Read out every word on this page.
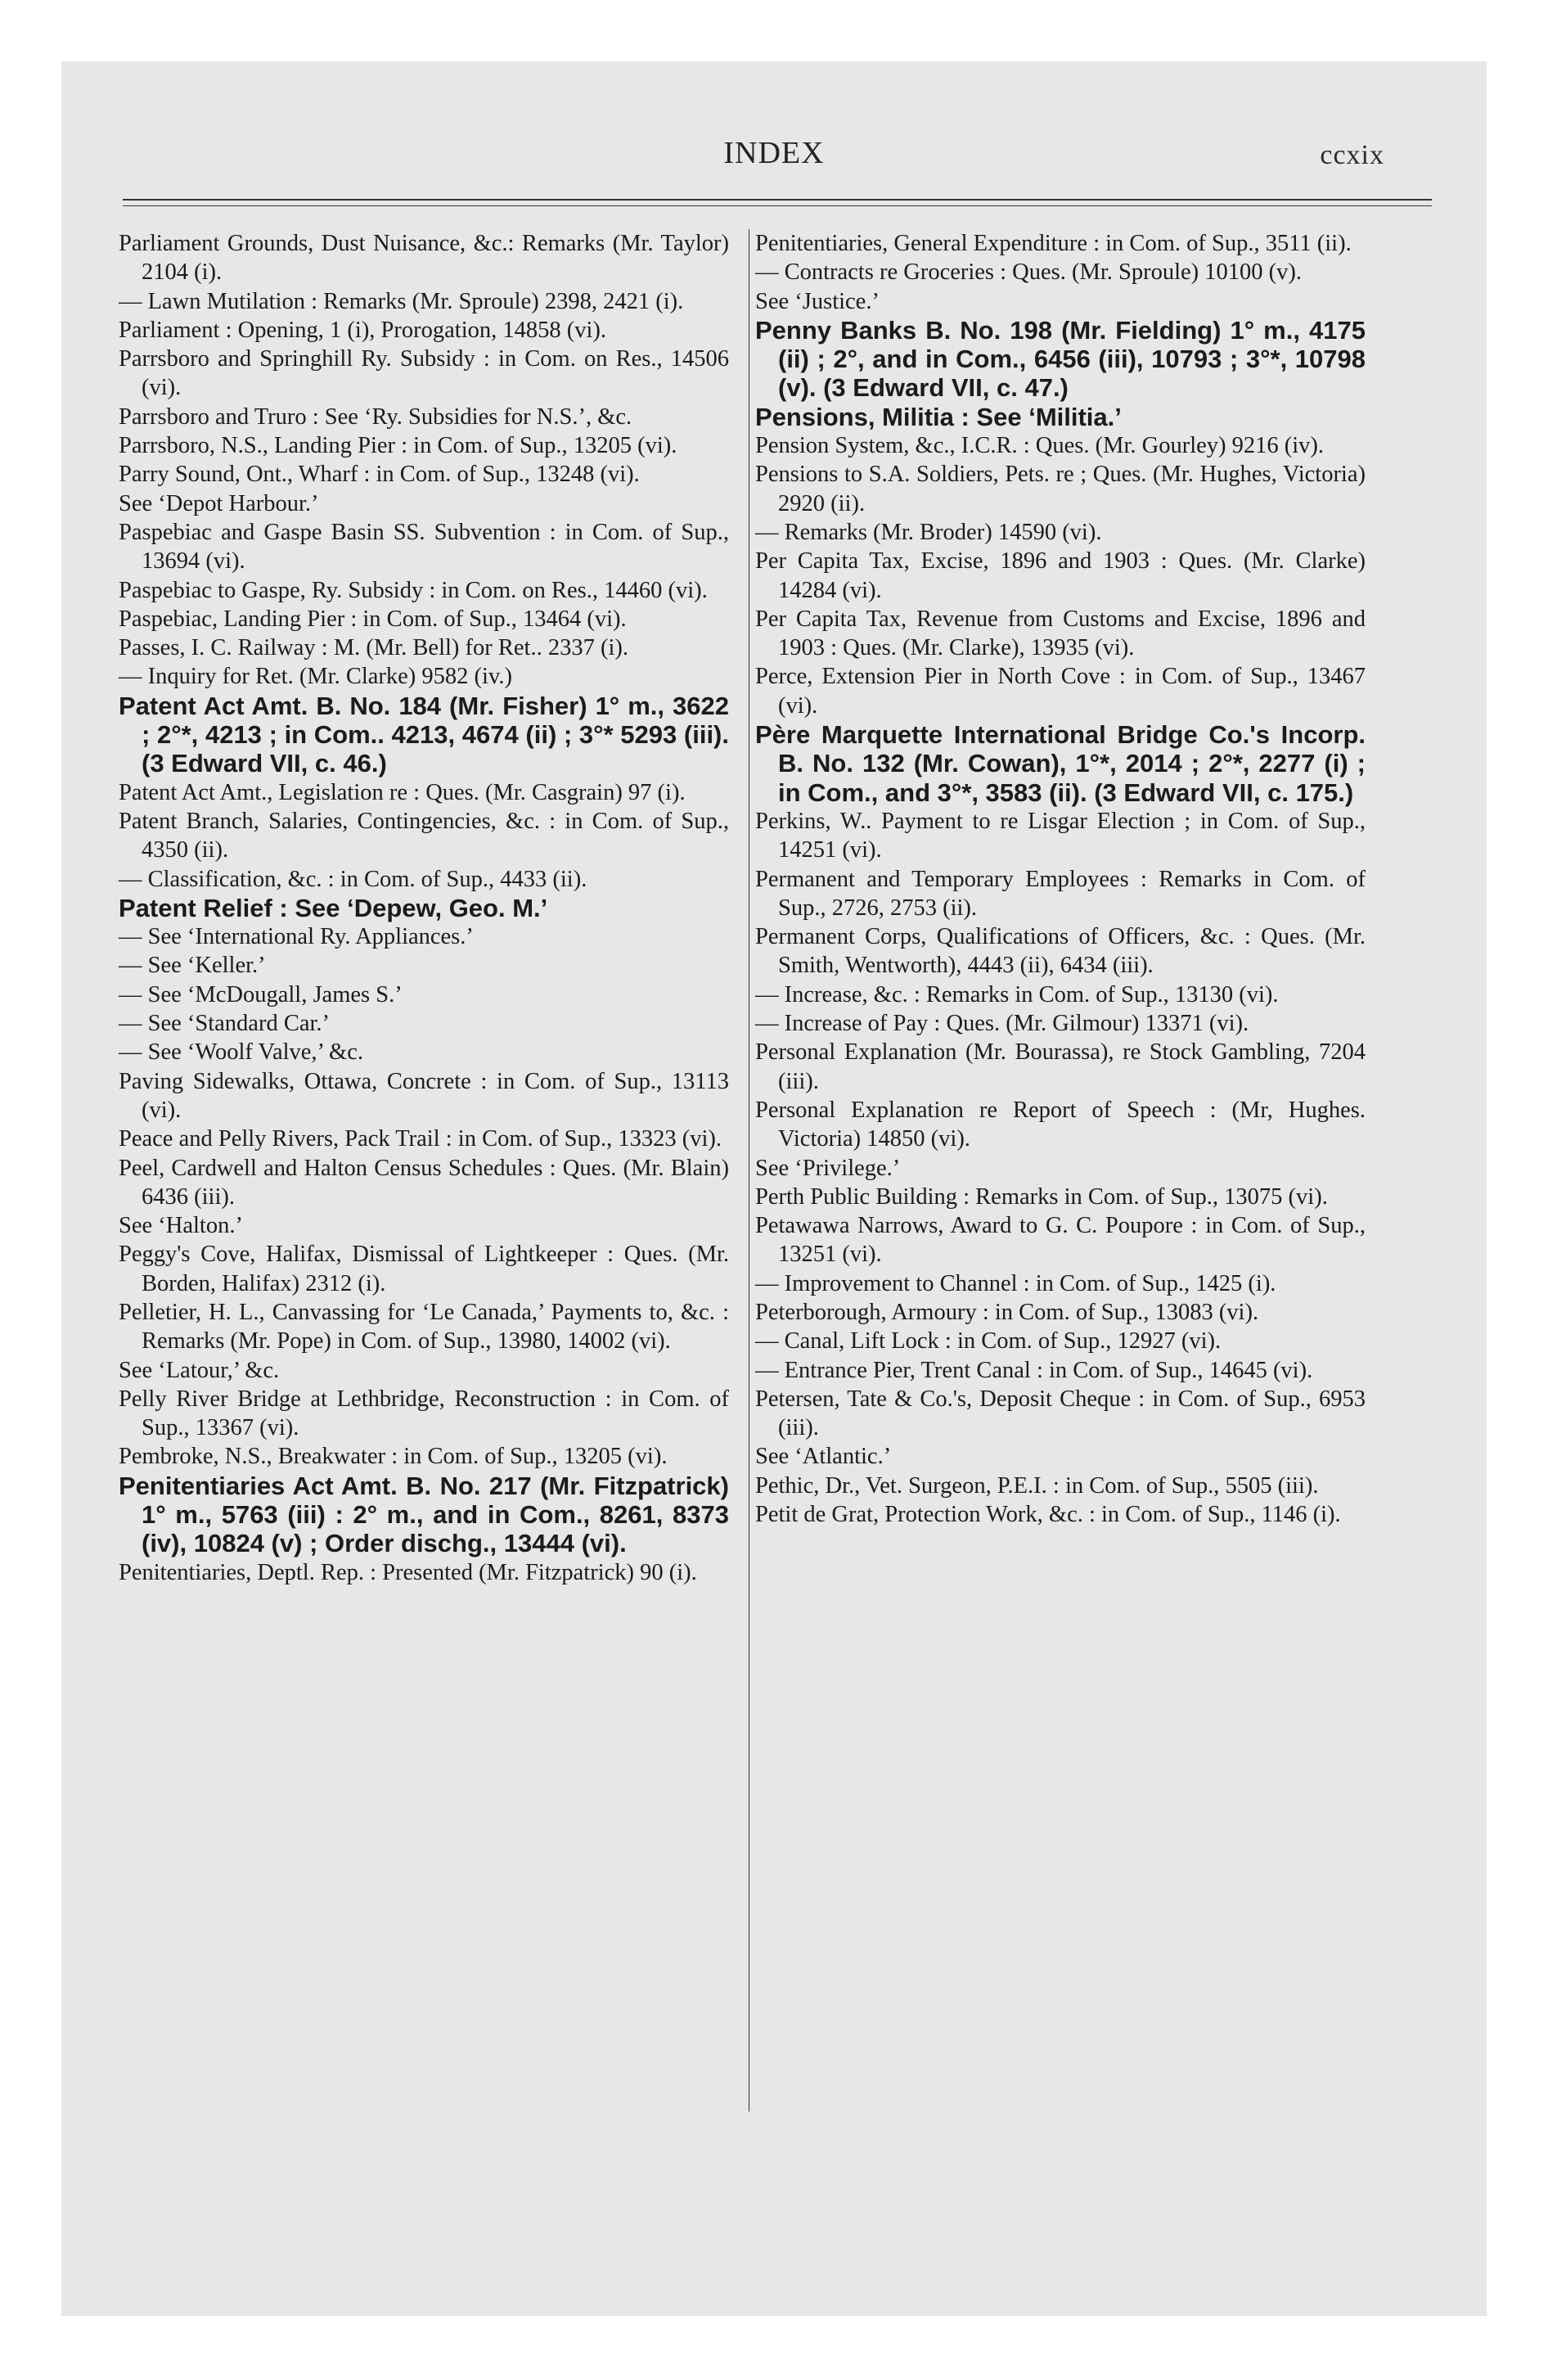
INDEX	ccxix

Parliament Grounds, Dust Nuisance, &c.: Remarks (Mr. Taylor) 2104 (i).

— Lawn Mutilation : Remarks (Mr. Sproule) 2398, 2421 (i).

Parliament : Opening, 1 (i), Prorogation, 14858 (vi).

Parrsboro and Springhill Ry. Subsidy : in Com. on Res., 14506 (vi).

Parrsboro and Truro : See ‘Ry. Subsidies for N.S.’, &c.

Parrsboro, N.S., Landing Pier : in Com. of Sup., 13205 (vi).

Parry Sound, Ont., Wharf : in Com. of Sup., 13248 (vi).

See ‘Depot Harbour.’

Paspebiac and Gaspe Basin SS. Subvention : in Com. of Sup., 13694 (vi).

Paspebiac to Gaspe, Ry. Subsidy : in Com. on Res., 14460 (vi).

Paspebiac, Landing Pier : in Com. of Sup., 13464 (vi).

Passes, I. C. Railway : M. (Mr. Bell) for Ret.. 2337 (i).

— Inquiry for Ret. (Mr. Clarke) 9582 (iv.)

Patent Act Amt. B. No. 184 (Mr. Fisher) 1° m., 3622 ; 2°*, 4213 ; in Com.. 4213, 4674 (ii) ; 3°* 5293 (iii). (3 Edward VII, c. 46.)

Patent Act Amt., Legislation re : Ques. (Mr. Casgrain) 97 (i).

Patent Branch, Salaries, Contingencies, &c. : in Com. of Sup., 4350 (ii).

— Classification, &c. : in Com. of Sup., 4433 (ii).

Patent Relief : See ‘Depew, Geo. M.’

— See ‘International Ry. Appliances.’

— See ‘Keller.’

— See ‘McDougall, James S.’

— See ‘Standard Car.’

— See ‘Woolf Valve,’ &c.

Paving Sidewalks, Ottawa, Concrete : in Com. of Sup., 13113 (vi).

Peace and Pelly Rivers, Pack Trail : in Com. of Sup., 13323 (vi).

Peel, Cardwell and Halton Census Schedules : Ques. (Mr. Blain) 6436 (iii).

See ‘Halton.’

Peggy's Cove, Halifax, Dismissal of Lightkeeper : Ques. (Mr. Borden, Halifax) 2312 (i).

Pelletier, H. L., Canvassing for ‘Le Canada,’ Payments to, &c. : Remarks (Mr. Pope) in Com. of Sup., 13980, 14002 (vi).

See ‘Latour,’ &c.

Pelly River Bridge at Lethbridge, Reconstruction : in Com. of Sup., 13367 (vi).

Pembroke, N.S., Breakwater : in Com. of Sup., 13205 (vi).

Penitentiaries Act Amt. B. No. 217 (Mr. Fitzpatrick) 1° m., 5763 (iii) : 2° m., and in Com., 8261, 8373 (iv), 10824 (v) ; Order dischg., 13444 (vi).

Penitentiaries, Deptl. Rep. : Presented (Mr. Fitzpatrick) 90 (i).

Penitentiaries, General Expenditure : in Com. of Sup., 3511 (ii).

— Contracts re Groceries : Ques. (Mr. Sproule) 10100 (v).

See ‘Justice.’

Penny Banks B. No. 198 (Mr. Fielding) 1° m., 4175 (ii) ; 2°, and in Com., 6456 (iii), 10793 ; 3°*, 10798 (v). (3 Edward VII, c. 47.)

Pensions, Militia : See ‘Militia.’

Pension System, &c., I.C.R. : Ques. (Mr. Gourley) 9216 (iv).

Pensions to S.A. Soldiers, Pets. re ; Ques. (Mr. Hughes, Victoria) 2920 (ii).

— Remarks (Mr. Broder) 14590 (vi).

Per Capita Tax, Excise, 1896 and 1903 : Ques. (Mr. Clarke) 14284 (vi).

Per Capita Tax, Revenue from Customs and Excise, 1896 and 1903 : Ques. (Mr. Clarke), 13935 (vi).

Perce, Extension Pier in North Cove : in Com. of Sup., 13467 (vi).

Père Marquette International Bridge Co.'s Incorp. B. No. 132 (Mr. Cowan), 1°*, 2014 ; 2°*, 2277 (i) ; in Com., and 3°*, 3583 (ii). (3 Edward VII, c. 175.)

Perkins, W.. Payment to re Lisgar Election ; in Com. of Sup., 14251 (vi).

Permanent and Temporary Employees : Remarks in Com. of Sup., 2726, 2753 (ii).

Permanent Corps, Qualifications of Officers, &c. : Ques. (Mr. Smith, Wentworth), 4443 (ii), 6434 (iii).

— Increase, &c. : Remarks in Com. of Sup., 13130 (vi).

— Increase of Pay : Ques. (Mr. Gilmour) 13371 (vi).

Personal Explanation (Mr. Bourassa), re Stock Gambling, 7204 (iii).

Personal Explanation re Report of Speech : (Mr, Hughes. Victoria) 14850 (vi).

See ‘Privilege.’

Perth Public Building : Remarks in Com. of Sup., 13075 (vi).

Petawawa Narrows, Award to G. C. Poupore : in Com. of Sup., 13251 (vi).

— Improvement to Channel : in Com. of Sup., 1425 (i).

Peterborough, Armoury : in Com. of Sup., 13083 (vi).

— Canal, Lift Lock : in Com. of Sup., 12927 (vi).

— Entrance Pier, Trent Canal : in Com. of Sup., 14645 (vi).

Petersen, Tate & Co.'s, Deposit Cheque : in Com. of Sup., 6953 (iii).

See ‘Atlantic.’

Pethic, Dr., Vet. Surgeon, P.E.I. : in Com. of Sup., 5505 (iii).

Petit de Grat, Protection Work, &c. : in Com. of Sup., 1146 (i).
